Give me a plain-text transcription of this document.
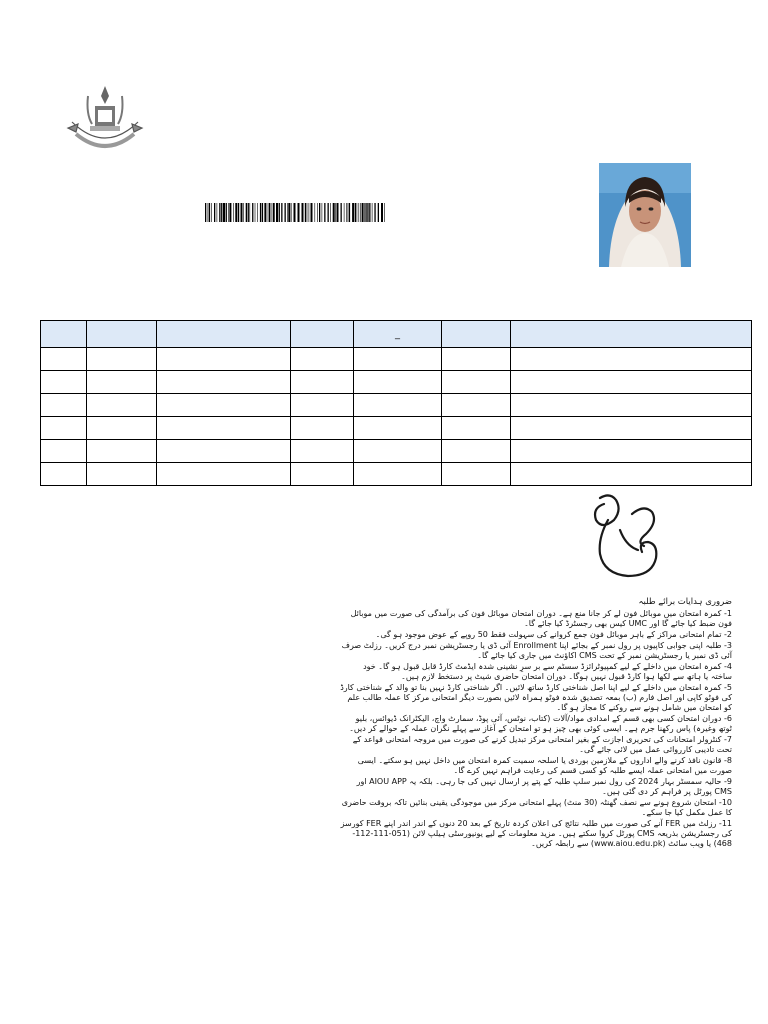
				_		

ضروری ہدایات برائے طلبہ

1- کمرہ امتحان میں موبائل فون لے کر جانا منع ہے۔ دوران امتحان موبائل فون کی برآمدگی کی صورت میں موبائل فون ضبط کیا جائے گا اور UMC کیس بھی رجسٹرڈ کیا جائے گا۔

2- تمام امتحانی مراکز کے باہر موبائل فون جمع کروانے کی سہولت فقط 50 روپے کے عوض موجود ہو گی۔

3- طلبہ اپنی جوابی کاپیوں پر رول نمبر کے بجائے اپنا Enrollment آئی ڈی یا رجسٹریشن نمبر درج کریں۔ رزلٹ صرف آئی ڈی نمبر یا رجسٹریشن نمبر کے تحت CMS اکاؤنٹ میں جاری کیا جائے گا۔

4- کمرہ امتحان میں داخلے کے لیے کمپیوٹرائزڈ سسٹم سے بر سرِ نشینی شدہ ایڈمٹ کارڈ قابل قبول ہو گا۔ خود ساختہ یا ہاتھ سے لکھا ہوا کارڈ قبول نہیں ہوگا۔ دوران امتحان حاضری شیٹ پر دستخط لازم ہیں۔

5- کمرہ امتحان میں داخلے کے لیے اپنا اصل شناختی کارڈ ساتھ لائیں۔ اگر شناختی کارڈ نہیں بنا تو والد کے شناختی کارڈ کی فوٹو کاپی اور اصل فارم (ب) بمعہ تصدیق شدہ فوٹو ہمراہ لائیں بصورت دیگر امتحانی مرکز کا عملہ طالب علم کو امتحان میں شامل ہونے سے روکنے کا مجاز ہو گا۔

6- دوران امتحان کسی بھی قسم کے امدادی مواد/آلات (کتاب، نوٹس، آئی پوڈ، سمارٹ واچ، الیکٹرانک ڈیوائس، بلیو ٹوتھ وغیرہ) پاس رکھنا جرم ہے۔ ایسی کوئی بھی چیز ہو تو امتحان کے آغاز سے پہلے نگران عملہ کے حوالے کر دیں۔

7- کنٹرولر امتحانات کی تحریری اجازت کے بغیر امتحانی مرکز تبدیل کرنے کی صورت میں مروجہ امتحانی قواعد کے تحت تادیبی کارروائی عمل میں لائی جائے گی۔

8- قانون نافذ کرنے والے اداروں کے ملازمین بوردی یا اسلحہ سمیت کمرہ امتحان میں داخل نہیں ہو سکتے۔ ایسی صورت میں امتحانی عملہ ایسے طلبہ کو کسی قسم کی رعایت فراہم نہیں کرے گا۔

9- حالیہ سمسٹر بہار 2024 کی رول نمبر سلپ طلبہ کے پتے پر ارسال نہیں کی جا رہی۔ بلکہ یہ AIOU APP اور CMS پورٹل پر فراہم کر دی گئی ہیں۔

10- امتحان شروع ہونے سے نصف گھنٹہ (30 منٹ) پہلے امتحانی مرکز میں موجودگی یقینی بنائیں تاکہ بروقت حاضری کا عمل مکمل کیا جا سکے۔

11- رزلٹ میں FER آنے کی صورت میں طلبہ نتائج کی اعلان کردہ تاریخ کے بعد 20 دنوں کے اندر اندر اپنے FER کورسز کی رجسٹریشن بذریعہ CMS پورٹل کروا سکتے ہیں۔ مزید معلومات کے لیے یونیورسٹی ہیلپ لائن (051-111-112-468) یا ویب سائٹ (www.aiou.edu.pk) سے رابطہ کریں۔
